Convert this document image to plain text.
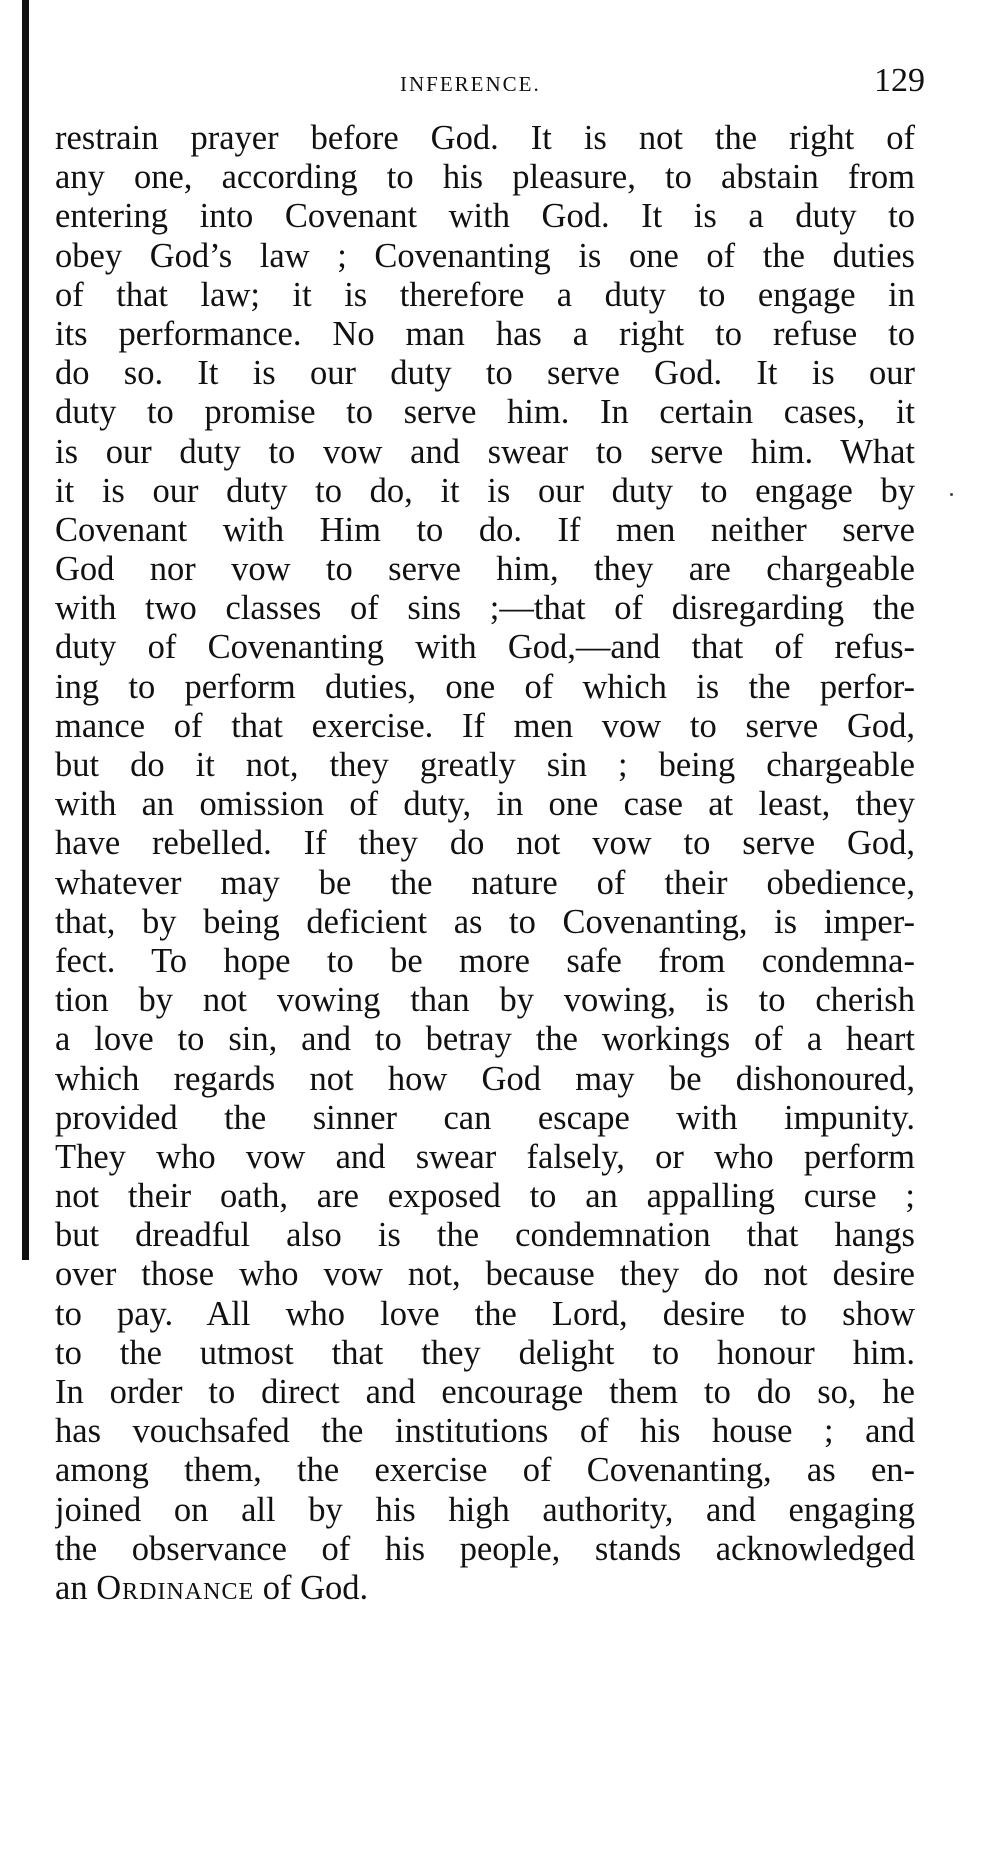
INFERENCE.	129
restrain prayer before God. It is not the right of
any one, according to his pleasure, to abstain from
entering into Covenant with God. It is a duty to
obey God’s law ; Covenanting is one of the duties
of that law; it is therefore a duty to engage in
its performance. No man has a right to refuse to
do so. It is our duty to serve God. It is our
duty to promise to serve him. In certain cases, it
is our duty to vow and swear to serve him. What
it is our duty to do, it is our duty to engage by
Covenant with Him to do. If men neither serve
God nor vow to serve him, they are chargeable
with two classes of sins ;—that of disregarding the
duty of Covenanting with God,—and that of refus-
ing to perform duties, one of which is the perfor-
mance of that exercise. If men vow to serve God,
but do it not, they greatly sin ; being chargeable
with an omission of duty, in one case at least, they
have rebelled. If they do not vow to serve God,
whatever may be the nature of their obedience,
that, by being deficient as to Covenanting, is imper-
fect. To hope to be more safe from condemna-
tion by not vowing than by vowing, is to cherish
a love to sin, and to betray the workings of a heart
which regards not how God may be dishonoured,
provided the sinner can escape with impunity.
They who vow and swear falsely, or who perform
not their oath, are exposed to an appalling curse ;
but dreadful also is the condemnation that hangs
over those who vow not, because they do not desire
to pay. All who love the Lord, desire to show
to the utmost that they delight to honour him.
In order to direct and encourage them to do so, he
has vouchsafed the institutions of his house ; and
among them, the exercise of Covenanting, as en-
joined on all by his high authority, and engaging
the observance of his people, stands acknowledged
an Ordinance of God.
